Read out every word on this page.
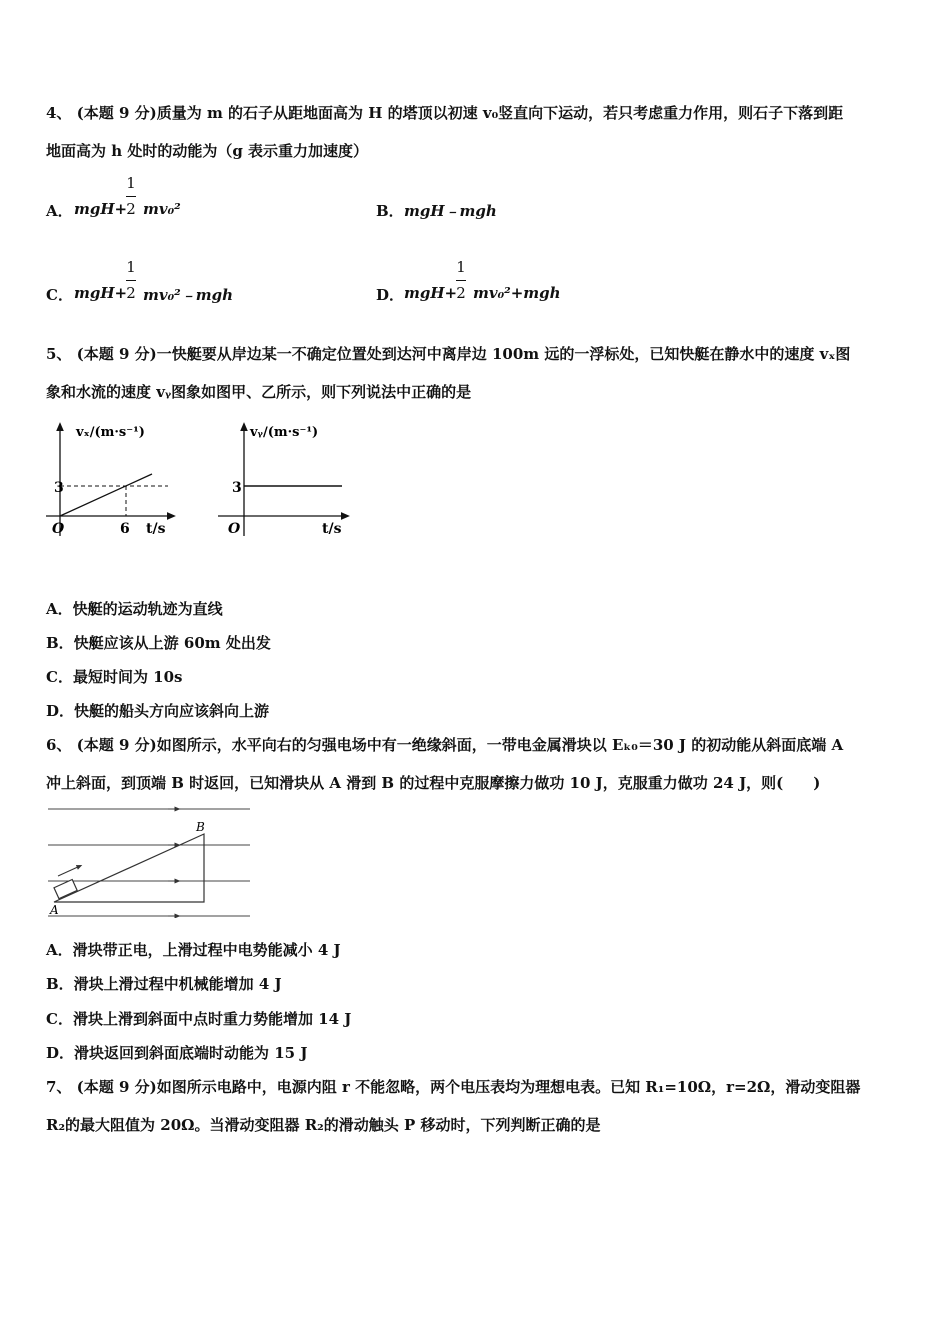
4、 (本题 9 分)质量为 m 的石子从距地面高为 H 的塔顶以初速 v₀竖直向下运动，若只考虑重力作用，则石子下落到距
地面高为 h 处时的动能为（g 表示重力加速度）
A． mgH+
1
2 mv₀²	B． mgH﹣mgh
C． mgH+
1
2 mv₀²﹣mgh	D． mgH+
1
2 mv₀²+mgh
5、 (本题 9 分)一快艇要从岸边某一不确定位置处到达河中离岸边 100m 远的一浮标处，已知快艇在静水中的速度 vₓ图
象和水流的速度 vᵧ图象如图甲、乙所示，则下列说法中正确的是
vₓ/(m·s⁻¹)
3
O	6 t/s
vᵧ/(m·s⁻¹)
3
O	t/s
A．快艇的运动轨迹为直线
B．快艇应该从上游 60m 处出发
C．最短时间为 10s
D．快艇的船头方向应该斜向上游
6、 (本题 9 分)如图所示，水平向右的匀强电场中有一绝缘斜面，一带电金属滑块以 Eₖ₀＝30 J 的初动能从斜面底端 A
冲上斜面，到顶端 B 时返回，已知滑块从 A 滑到 B 的过程中克服摩擦力做功 10 J，克服重力做功 24 J，则(　　)
A
B
A．滑块带正电，上滑过程中电势能减小 4 J
B．滑块上滑过程中机械能增加 4 J
C．滑块上滑到斜面中点时重力势能增加 14 J
D．滑块返回到斜面底端时动能为 15 J
7、 (本题 9 分)如图所示电路中，电源内阻 r 不能忽略，两个电压表均为理想电表。已知 R₁=10Ω，r=2Ω，滑动变阻器
R₂的最大阻值为 20Ω。当滑动变阻器 R₂的滑动触头 P 移动时，下列判断正确的是
